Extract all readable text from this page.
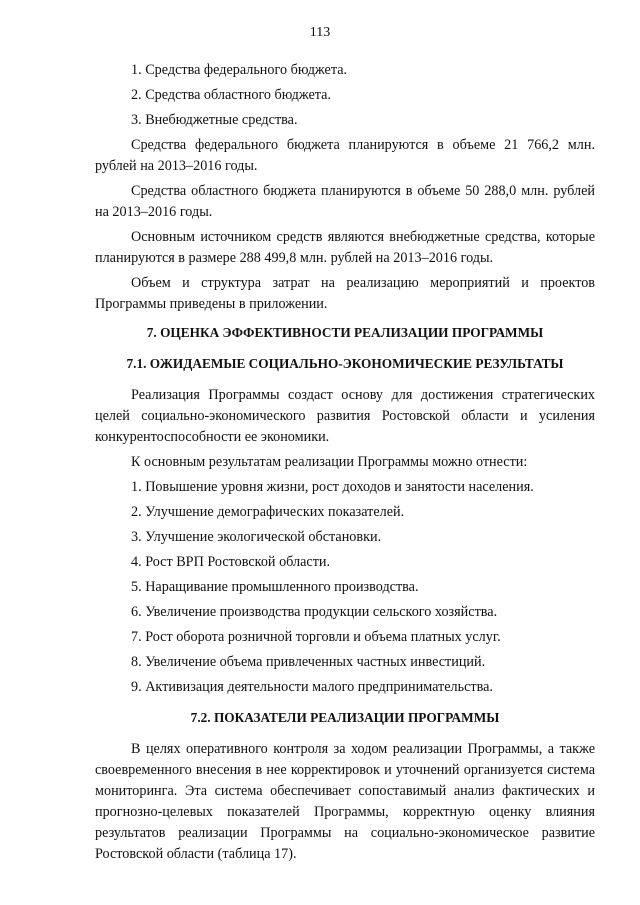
113
1. Средства федерального бюджета.
2. Средства областного бюджета.
3. Внебюджетные средства.

Средства федерального бюджета планируются в объеме 21 766,2 млн. рублей на 2013–2016 годы.

Средства областного бюджета планируются в объеме 50 288,0 млн. рублей на 2013–2016 годы.

Основным источником средств являются внебюджетные средства, которые планируются в размере 288 499,8 млн. рублей на 2013–2016 годы.

Объем и структура затрат на реализацию мероприятий и проектов Программы приведены в приложении.

7. ОЦЕНКА ЭФФЕКТИВНОСТИ РЕАЛИЗАЦИИ ПРОГРАММЫ
7.1. ОЖИДАЕМЫЕ СОЦИАЛЬНО-ЭКОНОМИЧЕСКИЕ РЕЗУЛЬТАТЫ

Реализация Программы создаст основу для достижения стратегических целей социально-экономического развития Ростовской области и усиления конкурентоспособности ее экономики.

К основным результатам реализации Программы можно отнести:

1. Повышение уровня жизни, рост доходов и занятости населения.
2. Улучшение демографических показателей.
3. Улучшение экологической обстановки.
4. Рост ВРП Ростовской области.
5. Наращивание промышленного производства.
6. Увеличение производства продукции сельского хозяйства.
7. Рост оборота розничной торговли и объема платных услуг.
8. Увеличение объема привлеченных частных инвестиций.
9. Активизация деятельности малого предпринимательства.
7.2. ПОКАЗАТЕЛИ РЕАЛИЗАЦИИ ПРОГРАММЫ

В целях оперативного контроля за ходом реализации Программы, а также своевременного внесения в нее корректировок и уточнений организуется система мониторинга. Эта система обеспечивает сопоставимый анализ фактических и прогнозно-целевых показателей Программы, корректную оценку влияния результатов реализации Программы на социально-экономическое развитие Ростовской области (таблица 17).
